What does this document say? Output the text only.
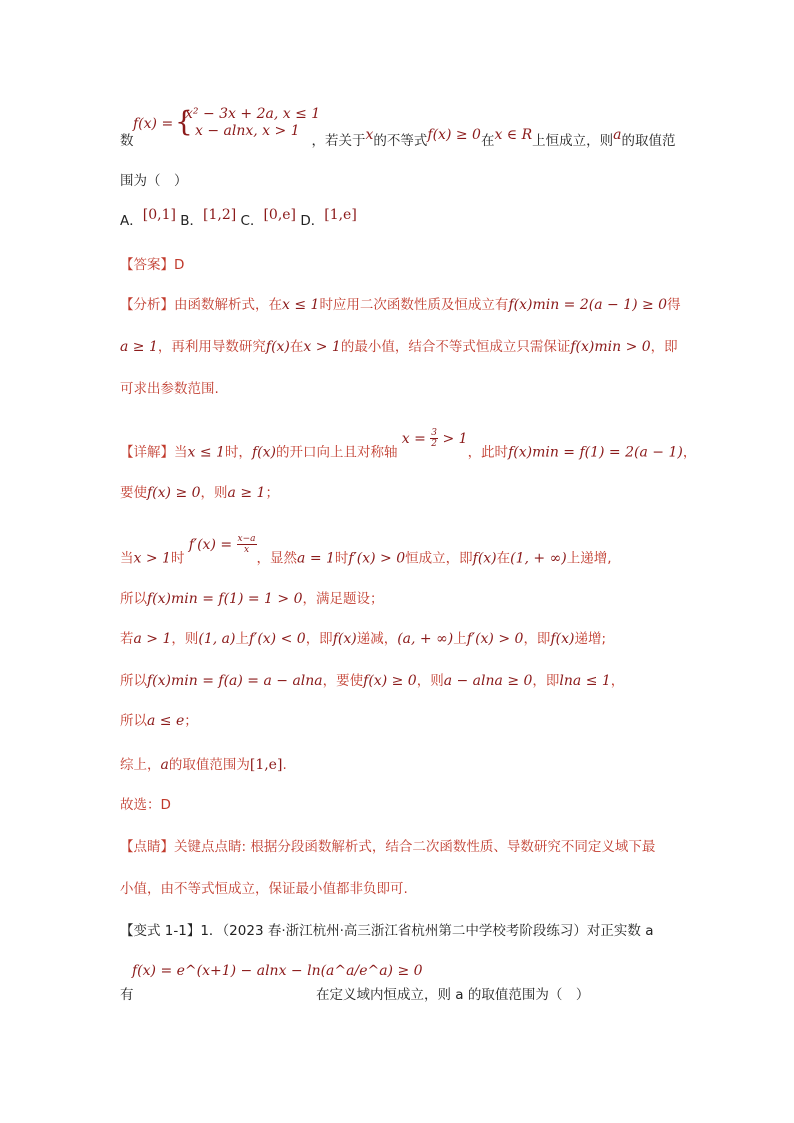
f(x) = {
x² − 3x + 2a, x ≤ 1
x − alnx, x > 1
数	，若关于x的不等式f(x) ≥ 0在x ∈ R上恒成立，则a的取值范
围为（　）
A．[0,1] B．[1,2] C．[0,e] D．[1,e]
【答案】D
【分析】由函数解析式，在x ≤ 1时应用二次函数性质及恒成立有f(x)min = 2(a − 1) ≥ 0得
a ≥ 1，再利用导数研究f(x)在x > 1的最小值，结合不等式恒成立只需保证f(x)min > 0，即
可求出参数范围.
【详解】当x ≤ 1时，f(x)的开口向上且对称轴 $x = \frac{3}{2} > 1$，此时f(x)min = f(1) = 2(a − 1)，
要使f(x) ≥ 0，则a ≥ 1；
当x > 1时 $f'(x) = \frac{x-a}{x}$
，显然a = 1时f′(x) > 0恒成立，即f(x)在(1, + ∞)上递增,
所以f(x)min = f(1) = 1 > 0，满足题设；
若a > 1，则(1, a)上f′(x) < 0，即f(x)递减，(a, + ∞)上f′(x) > 0，即f(x)递增;
所以f(x)min = f(a) = a − alna，要使f(x) ≥ 0，则a − alna ≥ 0，即lna ≤ 1，
所以a ≤ e；
综上，a的取值范围为[1,e].
故选：D
【点睛】关键点点睛: 根据分段函数解析式，结合二次函数性质、导数研究不同定义域下最
小值，由不等式恒成立，保证最小值都非负即可.
【变式 1-1】1．（2023 春·浙江杭州·高三浙江省杭州第二中学校考阶段练习）对正实数 a
有
f(x) = e^(x+1) − alnx − ln(a^a/e^a) ≥ 0
在定义域内恒成立，则 a 的取值范围为（　）
